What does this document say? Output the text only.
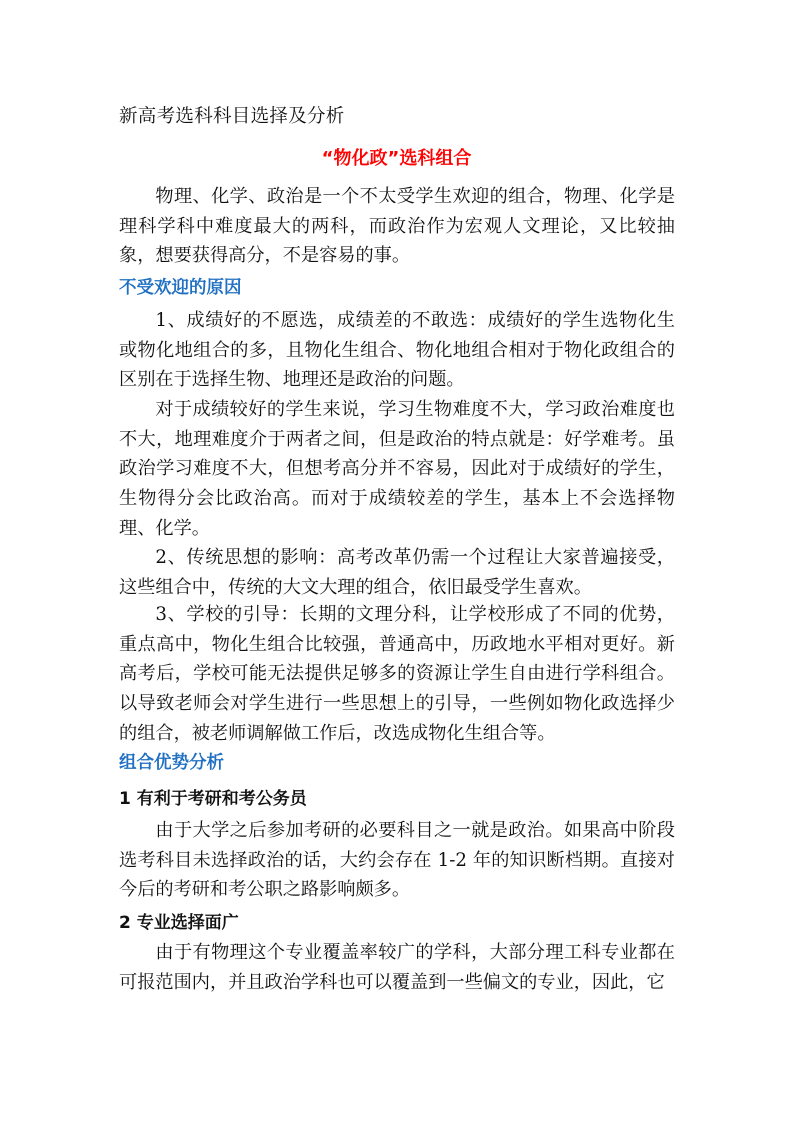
新高考选科科目选择及分析
“物化政”选科组合

物理、化学、政治是一个不太受学生欢迎的组合，物理、化学是理科学科中难度最大的两科，而政治作为宏观人文理论，又比较抽象，想要获得高分，不是容易的事。

不受欢迎的原因

1、成绩好的不愿选，成绩差的不敢选：成绩好的学生选物化生或物化地组合的多，且物化生组合、物化地组合相对于物化政组合的区别在于选择生物、地理还是政治的问题。

对于成绩较好的学生来说，学习生物难度不大，学习政治难度也不大，地理难度介于两者之间，但是政治的特点就是：好学难考。虽政治学习难度不大，但想考高分并不容易，因此对于成绩好的学生，生物得分会比政治高。而对于成绩较差的学生，基本上不会选择物理、化学。

2、传统思想的影响：高考改革仍需一个过程让大家普遍接受，这些组合中，传统的大文大理的组合，依旧最受学生喜欢。

3、学校的引导：长期的文理分科，让学校形成了不同的优势，重点高中，物化生组合比较强，普通高中，历政地水平相对更好。新高考后，学校可能无法提供足够多的资源让学生自由进行学科组合。以导致老师会对学生进行一些思想上的引导，一些例如物化政选择少的组合，被老师调解做工作后，改选成物化生组合等。

组合优势分析
1 有利于考研和考公务员

由于大学之后参加考研的必要科目之一就是政治。如果高中阶段选考科目未选择政治的话，大约会存在 1-2 年的知识断档期。直接对今后的考研和考公职之路影响颇多。

2 专业选择面广

由于有物理这个专业覆盖率较广的学科，大部分理工科专业都在可报范围内，并且政治学科也可以覆盖到一些偏文的专业，因此，它
